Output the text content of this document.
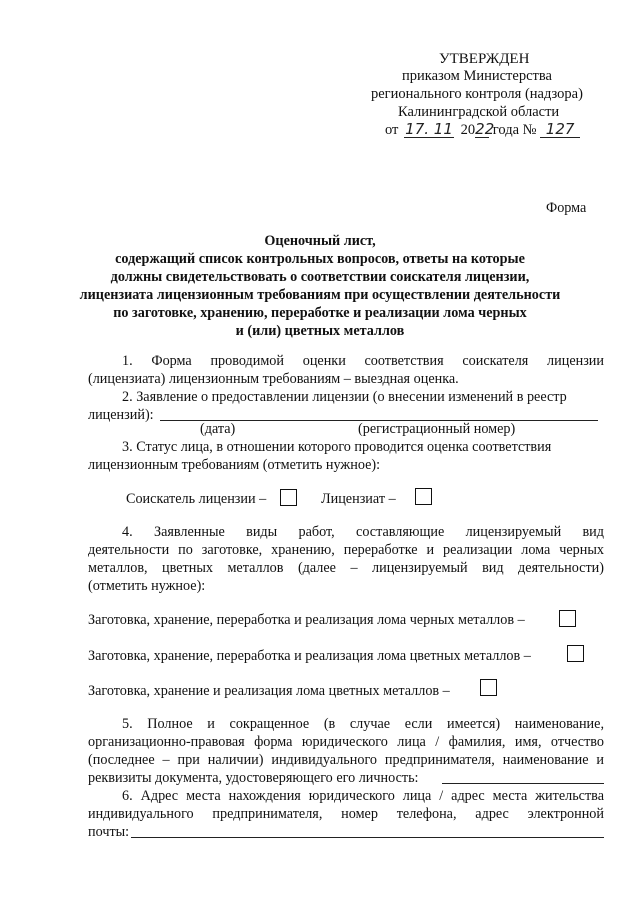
УТВЕРЖДЕН
приказом Министерства
регионального контроля (надзора)
Калининградской области
от 17. 11 2022 года № 127
Форма
Оценочный лист,
содержащий список контрольных вопросов, ответы на которые
должны свидетельствовать о соответствии соискателя лицензии,
лицензиата лицензионным требованиям при осуществлении деятельности
по заготовке, хранению, переработке и реализации лома черных
и (или) цветных металлов
1. Форма проводимой оценки соответствия соискателя лицензии
(лицензиата) лицензионным требованиям – выездная оценка.
2. Заявление о предоставлении лицензии (о внесении изменений в реестр
лицензий):
(дата)	(регистрационный номер)
3. Статус лица, в отношении которого проводится оценка соответствия
лицензионным требованиям (отметить нужное):
Соискатель лицензии –	Лицензиат –
4. Заявленные виды работ, составляющие лицензируемый вид
деятельности по заготовке, хранению, переработке и реализации лома черных
металлов, цветных металлов (далее – лицензируемый вид деятельности)
(отметить нужное):
Заготовка, хранение, переработка и реализация лома черных металлов –
Заготовка, хранение, переработка и реализация лома цветных металлов –
Заготовка, хранение и реализация лома цветных металлов –
5. Полное и сокращенное (в случае если имеется) наименование,
организационно-правовая форма юридического лица / фамилия, имя, отчество
(последнее – при наличии) индивидуального предпринимателя, наименование и
реквизиты документа, удостоверяющего его личность:
6. Адрес места нахождения юридического лица / адрес места жительства
индивидуального предпринимателя, номер телефона, адрес электронной
почты:
